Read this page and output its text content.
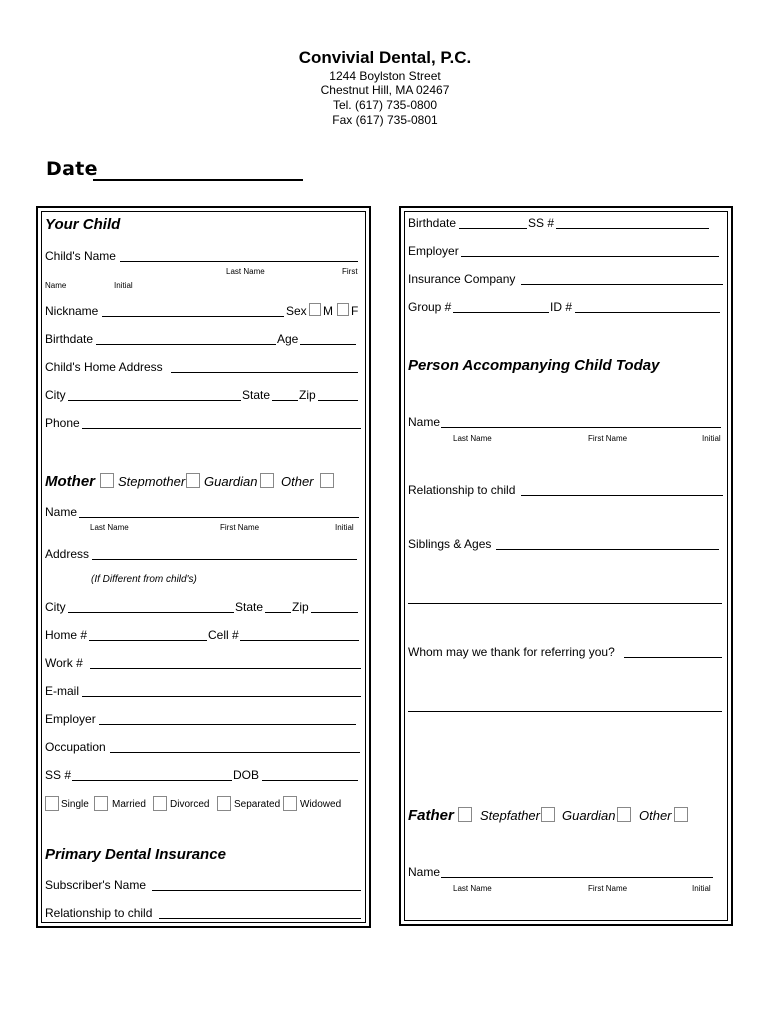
Convivial Dental, P.C.
1244 Boylston Street
Chestnut Hill, MA 02467
Tel. (617) 735-0800
Fax (617) 735-0801
Date
Your Child
Child's Name
Last Name	First
Name	Initial
Nickname	Sex M F
Birthdate	Age
Child's Home Address
City	State Zip
Phone
Mother Stepmother Guardian Other
Name
Last Name	First Name	Initial
Address
(If Different from child's)
City	State Zip
Home #	Cell #
Work #
E-mail
Employer
Occupation
SS #	DOB
Single Married Divorced Separated Widowed
Primary Dental Insurance
Subscriber's Name
Relationship to child
Birthdate	SS #
Employer
Insurance Company
Group #	ID #
Person Accompanying Child Today
Name
Last Name	First Name	Initial
Relationship to child
Siblings & Ages
Whom may we thank for referring you?
Father Stepfather Guardian Other
Name
Last Name	First Name	Initial
